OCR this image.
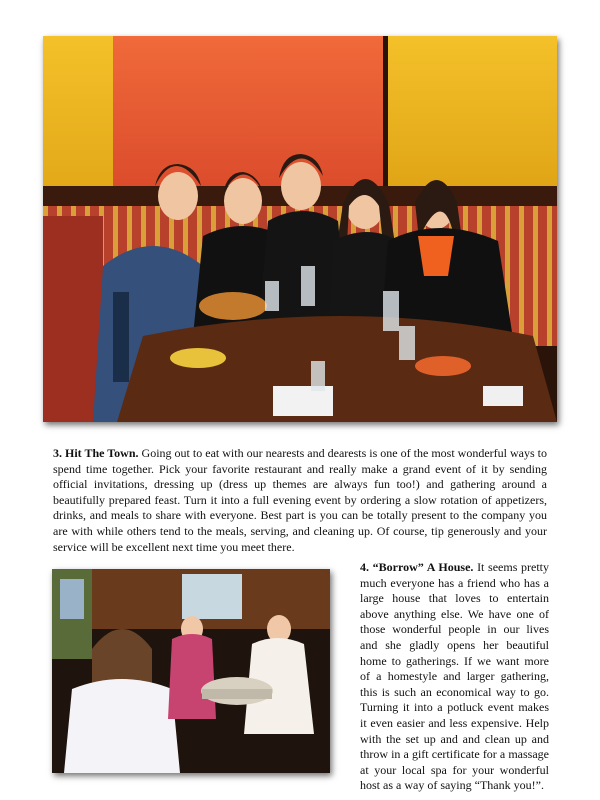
3. Hit The Town. Going out to eat with our nearests and dearests is one of the most wonderful ways to spend time together. Pick your favorite restaurant and really make a grand event of it by sending official invitations, dressing up (dress up themes are always fun too!) and gathering around a beautifully prepared feast. Turn it into a full evening event by ordering a slow rotation of appetizers, drinks, and meals to share with everyone. Best part is you can be totally present to the company you are with while others tend to the meals, serving, and cleaning up. Of course, tip generously and your service will be excellent next time you meet there.

4. “Borrow” A House. It seems pretty much everyone has a friend who has a large house that loves to entertain above anything else. We have one of those wonderful people in our lives and she gladly opens her beautiful home to gatherings. If we want more of a homestyle and larger gathering, this is such an economical way to go. Turning it into a potluck event makes it even easier and less expensive. Help with the set up and and clean up and throw in a gift certificate for a massage at your local spa for your wonderful host as a way of saying “Thank you!”.
